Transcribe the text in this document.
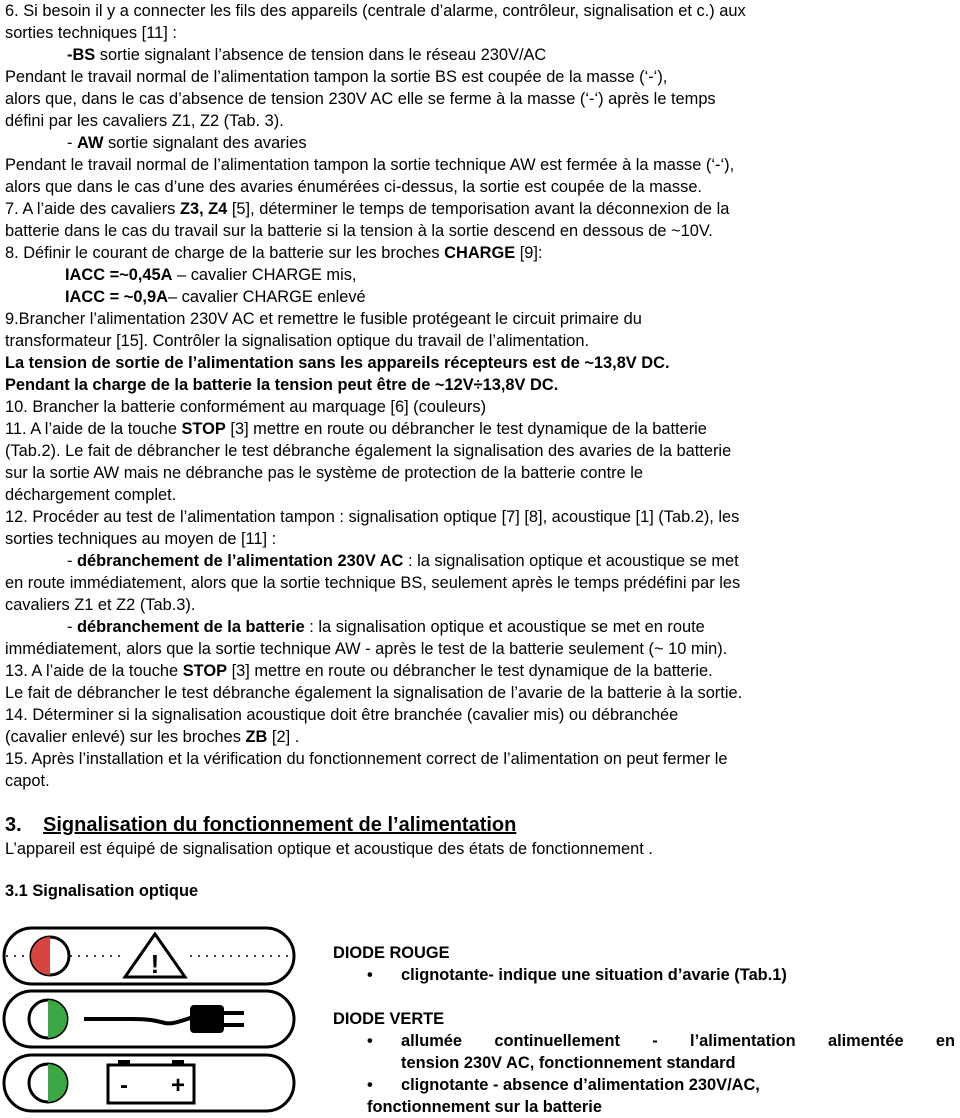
6. Si besoin il y a connecter les fils des appareils (centrale d’alarme, contrôleur, signalisation et c.) aux

sorties techniques [11] :

-BS sortie signalant l’absence de tension dans le réseau 230V/AC

Pendant le travail normal de l’alimentation tampon la sortie BS est coupée de la masse (‘-‘),

alors que, dans le cas d’absence de tension 230V AC elle se ferme à la masse (‘-‘) après le temps

défini par les cavaliers Z1, Z2 (Tab. 3).

- AW sortie signalant des avaries

Pendant le travail normal de l’alimentation tampon la sortie technique AW est fermée à la masse (‘-‘),

alors que dans le cas d’une des avaries énumérées ci-dessus, la sortie est coupée de la masse.

7. A l’aide des cavaliers Z3, Z4 [5], déterminer le temps de temporisation avant la déconnexion de la

batterie dans le cas du travail sur la batterie si la tension à la sortie descend en dessous de ~10V.

8. Définir le courant de charge de la batterie sur les broches CHARGE [9]:

IACC =~0,45A – cavalier CHARGE mis,

IACC = ~0,9A– cavalier CHARGE enlevé

9.Brancher l’alimentation 230V AC et remettre le fusible protégeant le circuit primaire du

transformateur [15]. Contrôler la signalisation optique du travail de l’alimentation.

La tension de sortie de l’alimentation sans les appareils récepteurs est de ~13,8V DC.

Pendant la charge de la batterie la tension peut être de ~12V÷13,8V DC.

10. Brancher la batterie conformément au marquage [6] (couleurs)

11. A l’aide de la touche STOP [3] mettre en route ou débrancher le test dynamique de la batterie

(Tab.2). Le fait de débrancher le test débranche également la signalisation des avaries de la batterie

sur la sortie AW mais ne débranche pas le système de protection de la batterie contre le

déchargement complet.

12. Procéder au test de l’alimentation tampon : signalisation optique [7] [8], acoustique [1] (Tab.2), les

sorties techniques au moyen de [11] :

- débranchement de l’alimentation 230V AC : la signalisation optique et acoustique se met

en route immédiatement, alors que la sortie technique BS, seulement après le temps prédéfini par les

cavaliers Z1 et Z2 (Tab.3).

- débranchement de la batterie : la signalisation optique et acoustique se met en route

immédiatement, alors que la sortie technique AW - après le test de la batterie seulement (~ 10 min).

13. A l’aide de la touche STOP [3] mettre en route ou débrancher le test dynamique de la batterie.

Le fait de débrancher le test débranche également la signalisation de l’avarie de la batterie à la sortie.

14. Déterminer si la signalisation acoustique doit être branchée (cavalier mis) ou débranchée

(cavalier enlevé) sur les broches ZB [2] .

15. Après l’installation et la vérification du fonctionnement correct de l’alimentation on peut fermer le

capot.

3. Signalisation du fonctionnement de l’alimentation

L’appareil est équipé de signalisation optique et acoustique des états de fonctionnement .

3.1 Signalisation optique

!
- +

DIODE ROUGE

• clignotante- indique une situation d’avarie (Tab.1)

DIODE VERTE

• allumée continuellement - l’alimentation alimentée en
tension 230V AC, fonctionnement standard
• clignotante - absence d’alimentation 230V/AC,
fonctionnement sur la batterie
